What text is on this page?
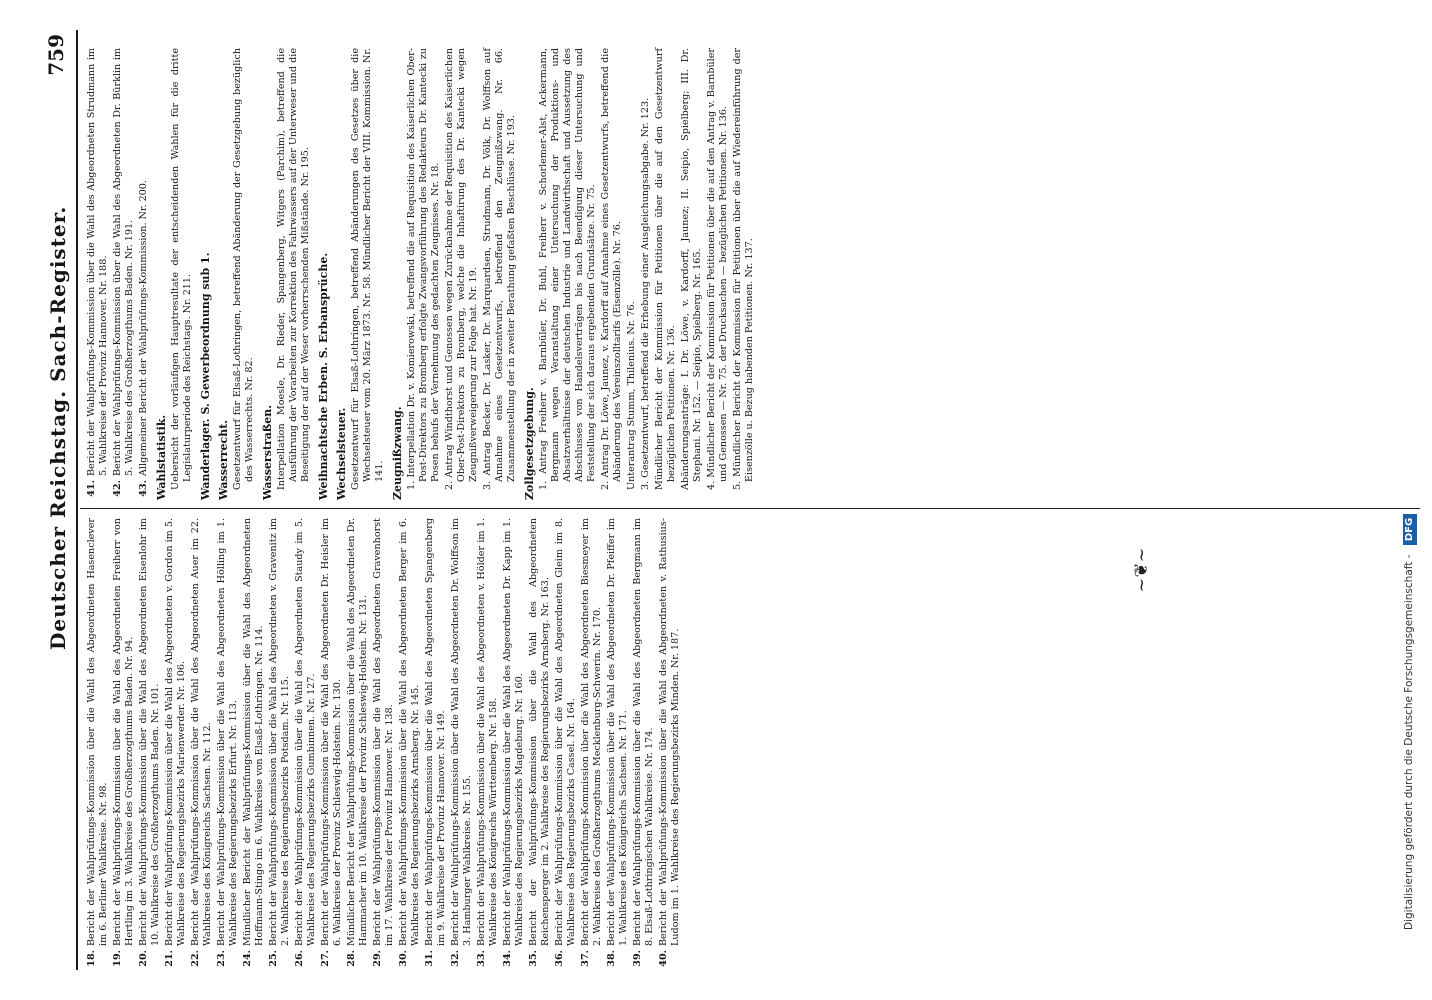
Deutscher Reichstag. Sach-Register.
759
18.
Bericht der Wahlprüfungs-Kommission über die Wahl des Abgeordneten Hasenclever im 6. Berliner Wahlkreise. Nr. 98.
19.
Bericht der Wahlprüfungs-Kommission über die Wahl des Abgeordneten Freiherr von Hertling im 3. Wahlkreise des Großherzogthums Baden. Nr. 94.
20.
Bericht der Wahlprüfungs-Kommission über die Wahl des Abgeordneten Eisenlohr im 10. Wahlkreise des Großherzogthums Baden. Nr. 101.
21.
Bericht der Wahlprüfungs-Kommission über die Wahl des Abgeordneten v. Gordon im 5. Wahlkreise des Regierungsbezirks Marienwerder. Nr. 106.
22.
Bericht der Wahlprüfungs-Kommission über die Wahl des Abgeordneten Auer im 22. Wahlkreise des Königreichs Sachsen. Nr. 112.
23.
Bericht der Wahlprüfungs-Kommission über die Wahl des Abgeordneten Hölling im 1. Wahlkreise des Regierungsbezirks Erfurt. Nr. 113.
24.
Mündlicher Bericht der Wahlprüfungs-Kommission über die Wahl des Abgeordneten Hoffmann-Stingo im 6. Wahlkreise von Elsaß-Lothringen. Nr. 114.
25.
Bericht der Wahlprüfungs-Kommission über die Wahl des Abgeordneten v. Gravenitz im 2. Wahlkreise des Regierungsbezirks Potsdam. Nr. 115.
26.
Bericht der Wahlprüfungs-Kommission über die Wahl des Abgeordneten Staudy im 5. Wahlkreise des Regierungsbezirks Gumbinnen. Nr. 127.
27.
Bericht der Wahlprüfungs-Kommission über die Wahl des Abgeordneten Dr. Heisler im 6. Wahlkreise der Provinz Schleswig-Holstein. Nr. 130.
28.
Mündlicher Bericht der Wahlprüfungs-Kommission über die Wahl des Abgeordneten Dr. Hammacher im 10. Wahlkreise der Provinz Schleswig-Holstein. Nr. 131.
29.
Bericht der Wahlprüfungs-Kommission über die Wahl des Abgeordneten Gravenhorst im 17. Wahlkreise der Provinz Hannover. Nr. 138.
30.
Bericht der Wahlprüfungs-Kommission über die Wahl des Abgeordneten Berger im 6. Wahlkreise des Regierungsbezirks Arnsberg. Nr. 145.
31.
Bericht der Wahlprüfungs-Kommission über die Wahl des Abgeordneten Spangenberg im 9. Wahlkreise der Provinz Hannover. Nr. 149.
32.
Bericht der Wahlprüfungs-Kommission über die Wahl des Abgeordneten Dr. Wolffson im 3. Hamburger Wahlkreise. Nr. 155.
33.
Bericht der Wahlprüfungs-Kommission über die Wahl des Abgeordneten v. Hölder im 1. Wahlkreise des Königreichs Württemberg. Nr. 158.
34.
Bericht der Wahlprüfungs-Kommission über die Wahl des Abgeordneten Dr. Kapp im 1. Wahlkreise des Regierungsbezirks Magdeburg. Nr. 160.
35.
Bericht der Wahlprüfungs-Kommission über die Wahl des Abgeordneten Reichensperger im 2. Wahlkreise des Regierungsbezirks Arnsberg. Nr. 163.
36.
Bericht der Wahlprüfungs-Kommission über die Wahl des Abgeordneten Gleim im 8. Wahlkreise des Regierungsbezirks Cassel. Nr. 164.
37.
Bericht der Wahlprüfungs-Kommission über die Wahl des Abgeordneten Biesmeyer im 2. Wahlkreise des Großherzogthums Mecklenburg-Schwerin. Nr. 170.
38.
Bericht der Wahlprüfungs-Kommission über die Wahl des Abgeordneten Dr. Pfeiffer im 1. Wahlkreise des Königreichs Sachsen. Nr. 171.
39.
Bericht der Wahlprüfungs-Kommission über die Wahl des Abgeordneten Bergmann im 8. Elsaß-Lothringischen Wahlkreise. Nr. 174.
40.
Bericht der Wahlprüfungs-Kommission über die Wahl des Abgeordneten v. Rathusius-Ludom im 1. Wahlkreise des Regierungsbezirks Minden. Nr. 187.
41.
Bericht der Wahlprüfungs-Kommission über die Wahl des Abgeordneten Strudmann im 5. Wahlkreise der Provinz Hannover. Nr. 188.
42.
Bericht der Wahlprüfungs-Kommission über die Wahl des Abgeordneten Dr. Bürklin im 5. Wahlkreise des Großherzogthums Baden. Nr. 191.
43.
Allgemeiner Bericht der Wahlprüfungs-Kommission. Nr. 200. Wahlstatistik. Uebersicht der vorläufigen Hauptresultate der entscheidenden Wahlen für die dritte Legislaturperiode des Reichstags. Nr. 211. Wanderlager. S. Gewerbeordnung sub 1. Wasserrecht. Gesetzentwurf für Elsaß-Lothringen, betreffend Abänderung der Gesetzgebung bezüglich des Wasserrechts. Nr. 82. Wasserstraßen. Interpellation Moesle, Dr. Rieder, Spangenberg, Witgers (Parchim), betreffend die Ausführung der Vorarbeiten zur Korrektion des Fahrwassers auf der Unterweser und die Beseitigung der auf der Weser vorherrschenden Mißstände. Nr. 195. Weihnachtsche Erben. S. Erbansprüche. Wechselsteuer. Gesetzentwurf für Elsaß-Lothringen, betreffend Abänderungen des Gesetzes über die Wechselsteuer vom 20. März 1873. Nr. 58. Mündlicher Bericht der VIII. Kommission. Nr. 141. Zeugnißzwang. 1. Interpellation Dr. v. Komierowski, betreffend die auf Requisition des Kaiserlichen Ober-Post-Direktors zu Bromberg erfolgte Zwangsvorführung des Redakteurs Dr. Kantecki zu Posen behufs der Vernehmung des gedachten Zeugnisses. Nr. 18. 2. Antrag Windthorst und Genossen wegen Zurücknahme der Requisition des Kaiserlichen Ober-Post-Direktors zu Bromberg, welche die Inhaftirung des Dr. Kantecki wegen Zeugnißverweigerung zur Folge hat. Nr. 19. 3. Antrag Becker, Dr. Lasker, Dr. Marquardsen, Strudmann, Dr. Völk, Dr. Wolffson auf Annahme eines Gesetzentwurfs, betreffend den Zeugnißzwang. Nr. 66. Zusammenstellung der in zweiter Berathung gefaßten Beschlüsse. Nr. 193. Zollgesetzgebung. 1. Antrag Freiherr v. Barnbüler, Dr. Buhl, Freiherr v. Schorlemer-Alst, Ackermann, Bergmann wegen Veranstaltung einer Untersuchung der Produktions- und Absatzverhältnisse der deutschen Industrie und Landwirthschaft und Aussetzung des Abschlusses von Handelsverträgen bis nach Beendigung dieser Untersuchung und Feststellung der sich daraus ergebenden Grundsätze. Nr. 75. 2. Antrag Dr. Löwe, Jaunez, v. Kardorff auf Annahme eines Gesetzentwurfs, betreffend die Abänderung des Vereinszolltarifs (Eisenzölle). Nr. 76. Unterantrag Stumm, Thilenius. Nr. 76. 3. Gesetzentwurf, betreffend die Erhebung einer Ausgleichungsabgabe. Nr. 123. Mündlicher Bericht der Kommission für Petitionen über die auf den Gesetzentwurf bezüglichen Petitionen. Nr. 136. Abänderungsanträge: I. Dr. Löwe, v. Kardorff, Jaunez; II. Seipio, Spielberg; III. Dr. Stephani. Nr. 152. — Seipio, Spielberg. Nr. 165. 4. Mündlicher Bericht der Kommission für Petitionen über die auf den Antrag v. Barnbüler und Genossen — Nr. 75. der Drucksachen — bezüglichen Petitionen. Nr. 136. 5. Mündlicher Bericht der Kommission für Petitionen über die auf Wiedereinführung der Eisenzölle u. Bezug habenden Petitionen. Nr. 137.
~❦~	Digitalisierung gefördert durch die Deutsche Forschungsgemeinschaft - DFG
